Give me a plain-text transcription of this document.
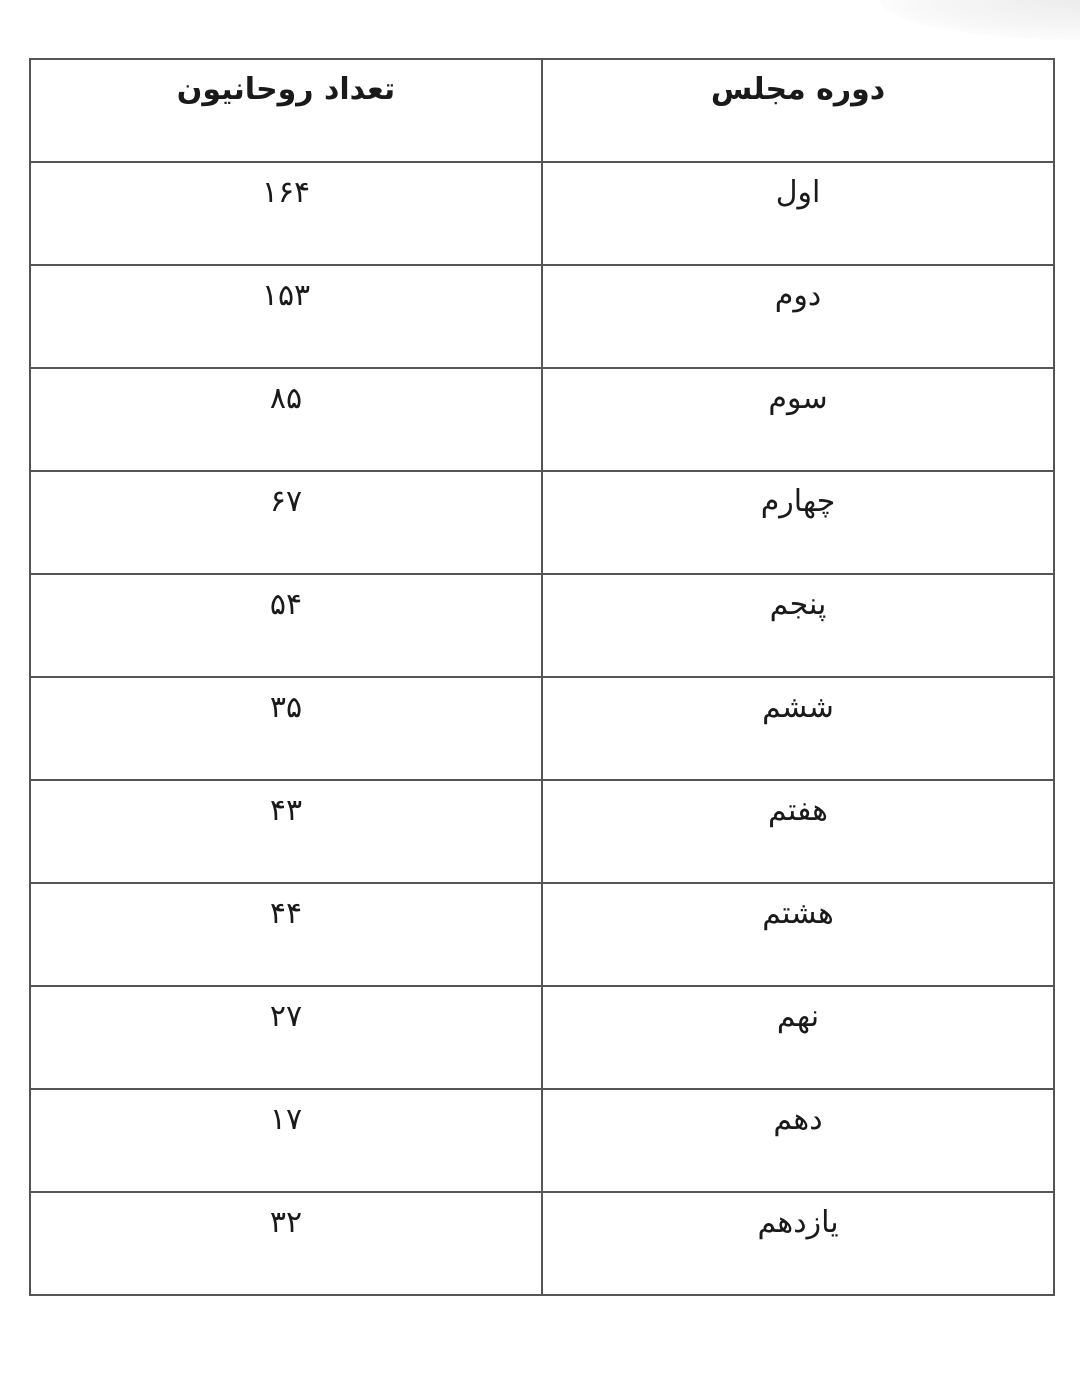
دوره مجلس	تعداد روحانیون
اول	۱۶۴
دوم	۱۵۳
سوم	۸۵
چهارم	۶۷
پنجم	۵۴
ششم	۳۵
هفتم	۴۳
هشتم	۴۴
نهم	۲۷
دهم	۱۷
یازدهم	۳۲
